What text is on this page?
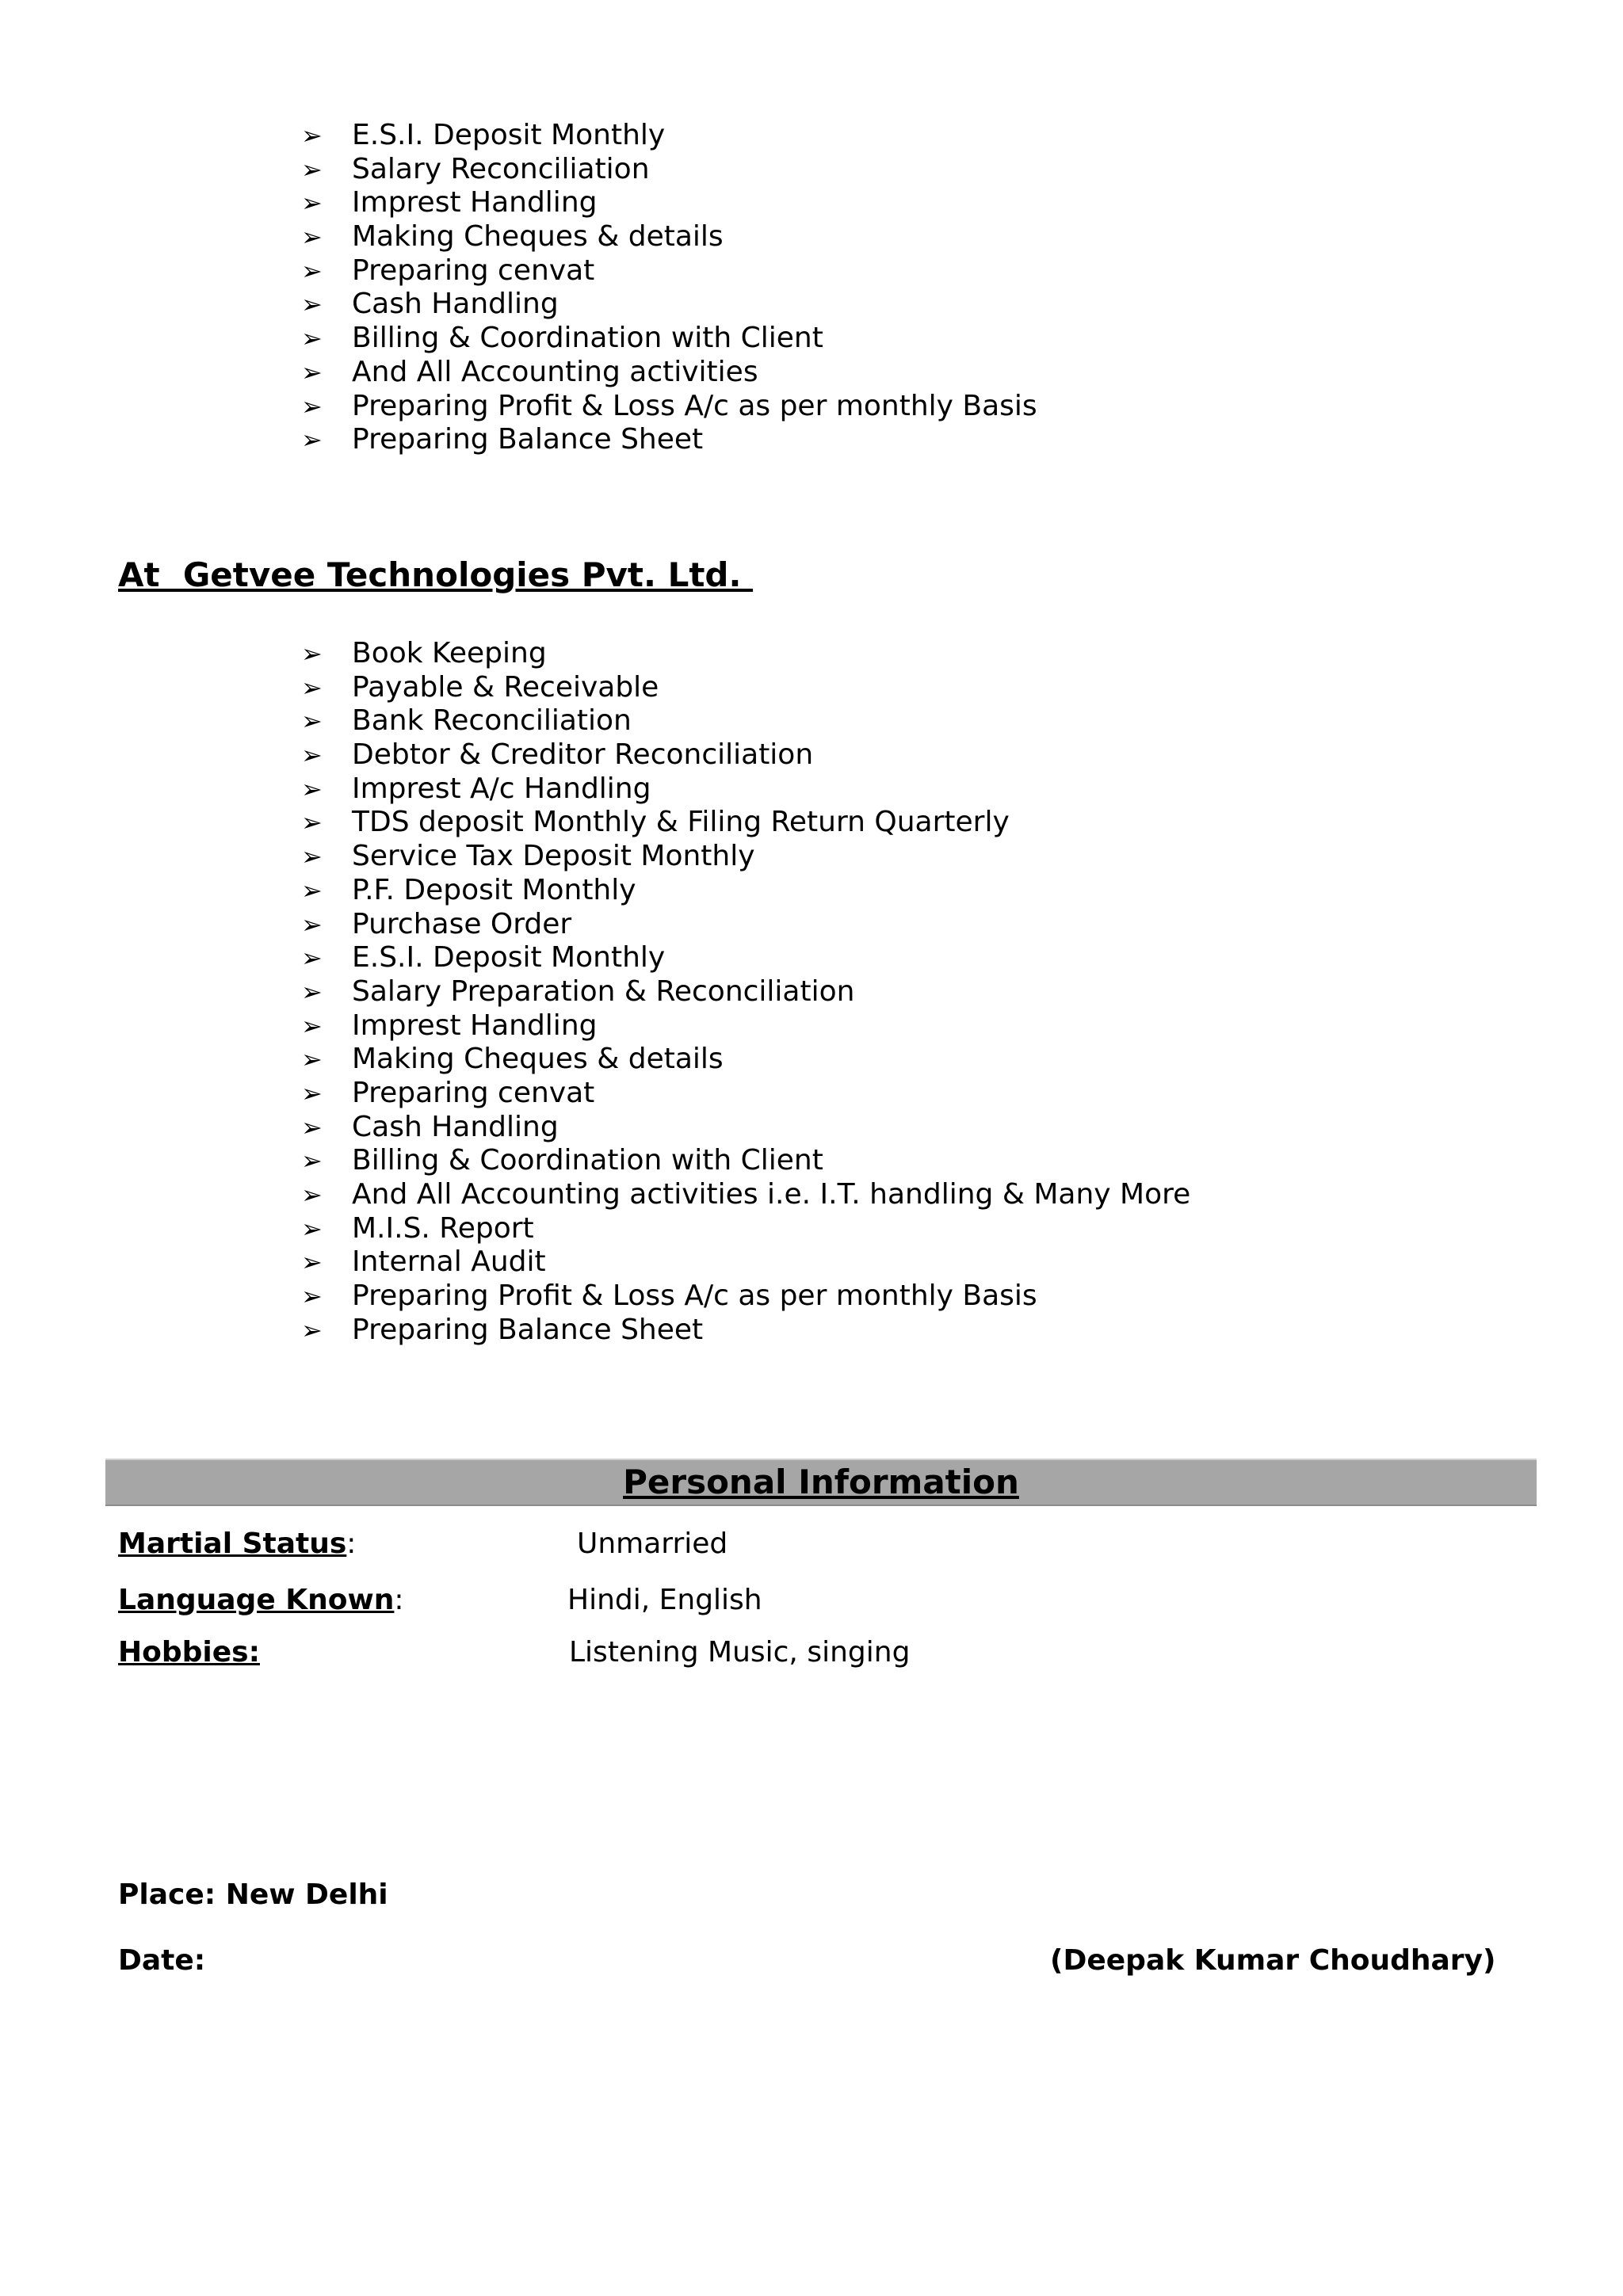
➢ E.S.I. Deposit Monthly
➢ Salary Reconciliation
➢ Imprest Handling
➢ Making Cheques & details
➢ Preparing cenvat
➢ Cash Handling
➢ Billing & Coordination with Client
➢ And All Accounting activities
➢ Preparing Profit & Loss A/c as per monthly Basis
➢ Preparing Balance Sheet
At  Getvee Technologies Pvt. Ltd.
➢ Book Keeping
➢ Payable & Receivable
➢ Bank Reconciliation
➢ Debtor & Creditor Reconciliation
➢ Imprest A/c Handling
➢ TDS deposit Monthly & Filing Return Quarterly
➢ Service Tax Deposit Monthly
➢ P.F. Deposit Monthly
➢ Purchase Order
➢ E.S.I. Deposit Monthly
➢ Salary Preparation & Reconciliation
➢ Imprest Handling
➢ Making Cheques & details
➢ Preparing cenvat
➢ Cash Handling
➢ Billing & Coordination with Client
➢ And All Accounting activities i.e. I.T. handling & Many More
➢ M.I.S. Report
➢ Internal Audit
➢ Preparing Profit & Loss A/c as per monthly Basis
➢ Preparing Balance Sheet
Personal Information
Martial Status:	Unmarried
Language Known:	Hindi, English
Hobbies:	Listening Music, singing
Place: New Delhi
Date:	(Deepak Kumar Choudhary)
